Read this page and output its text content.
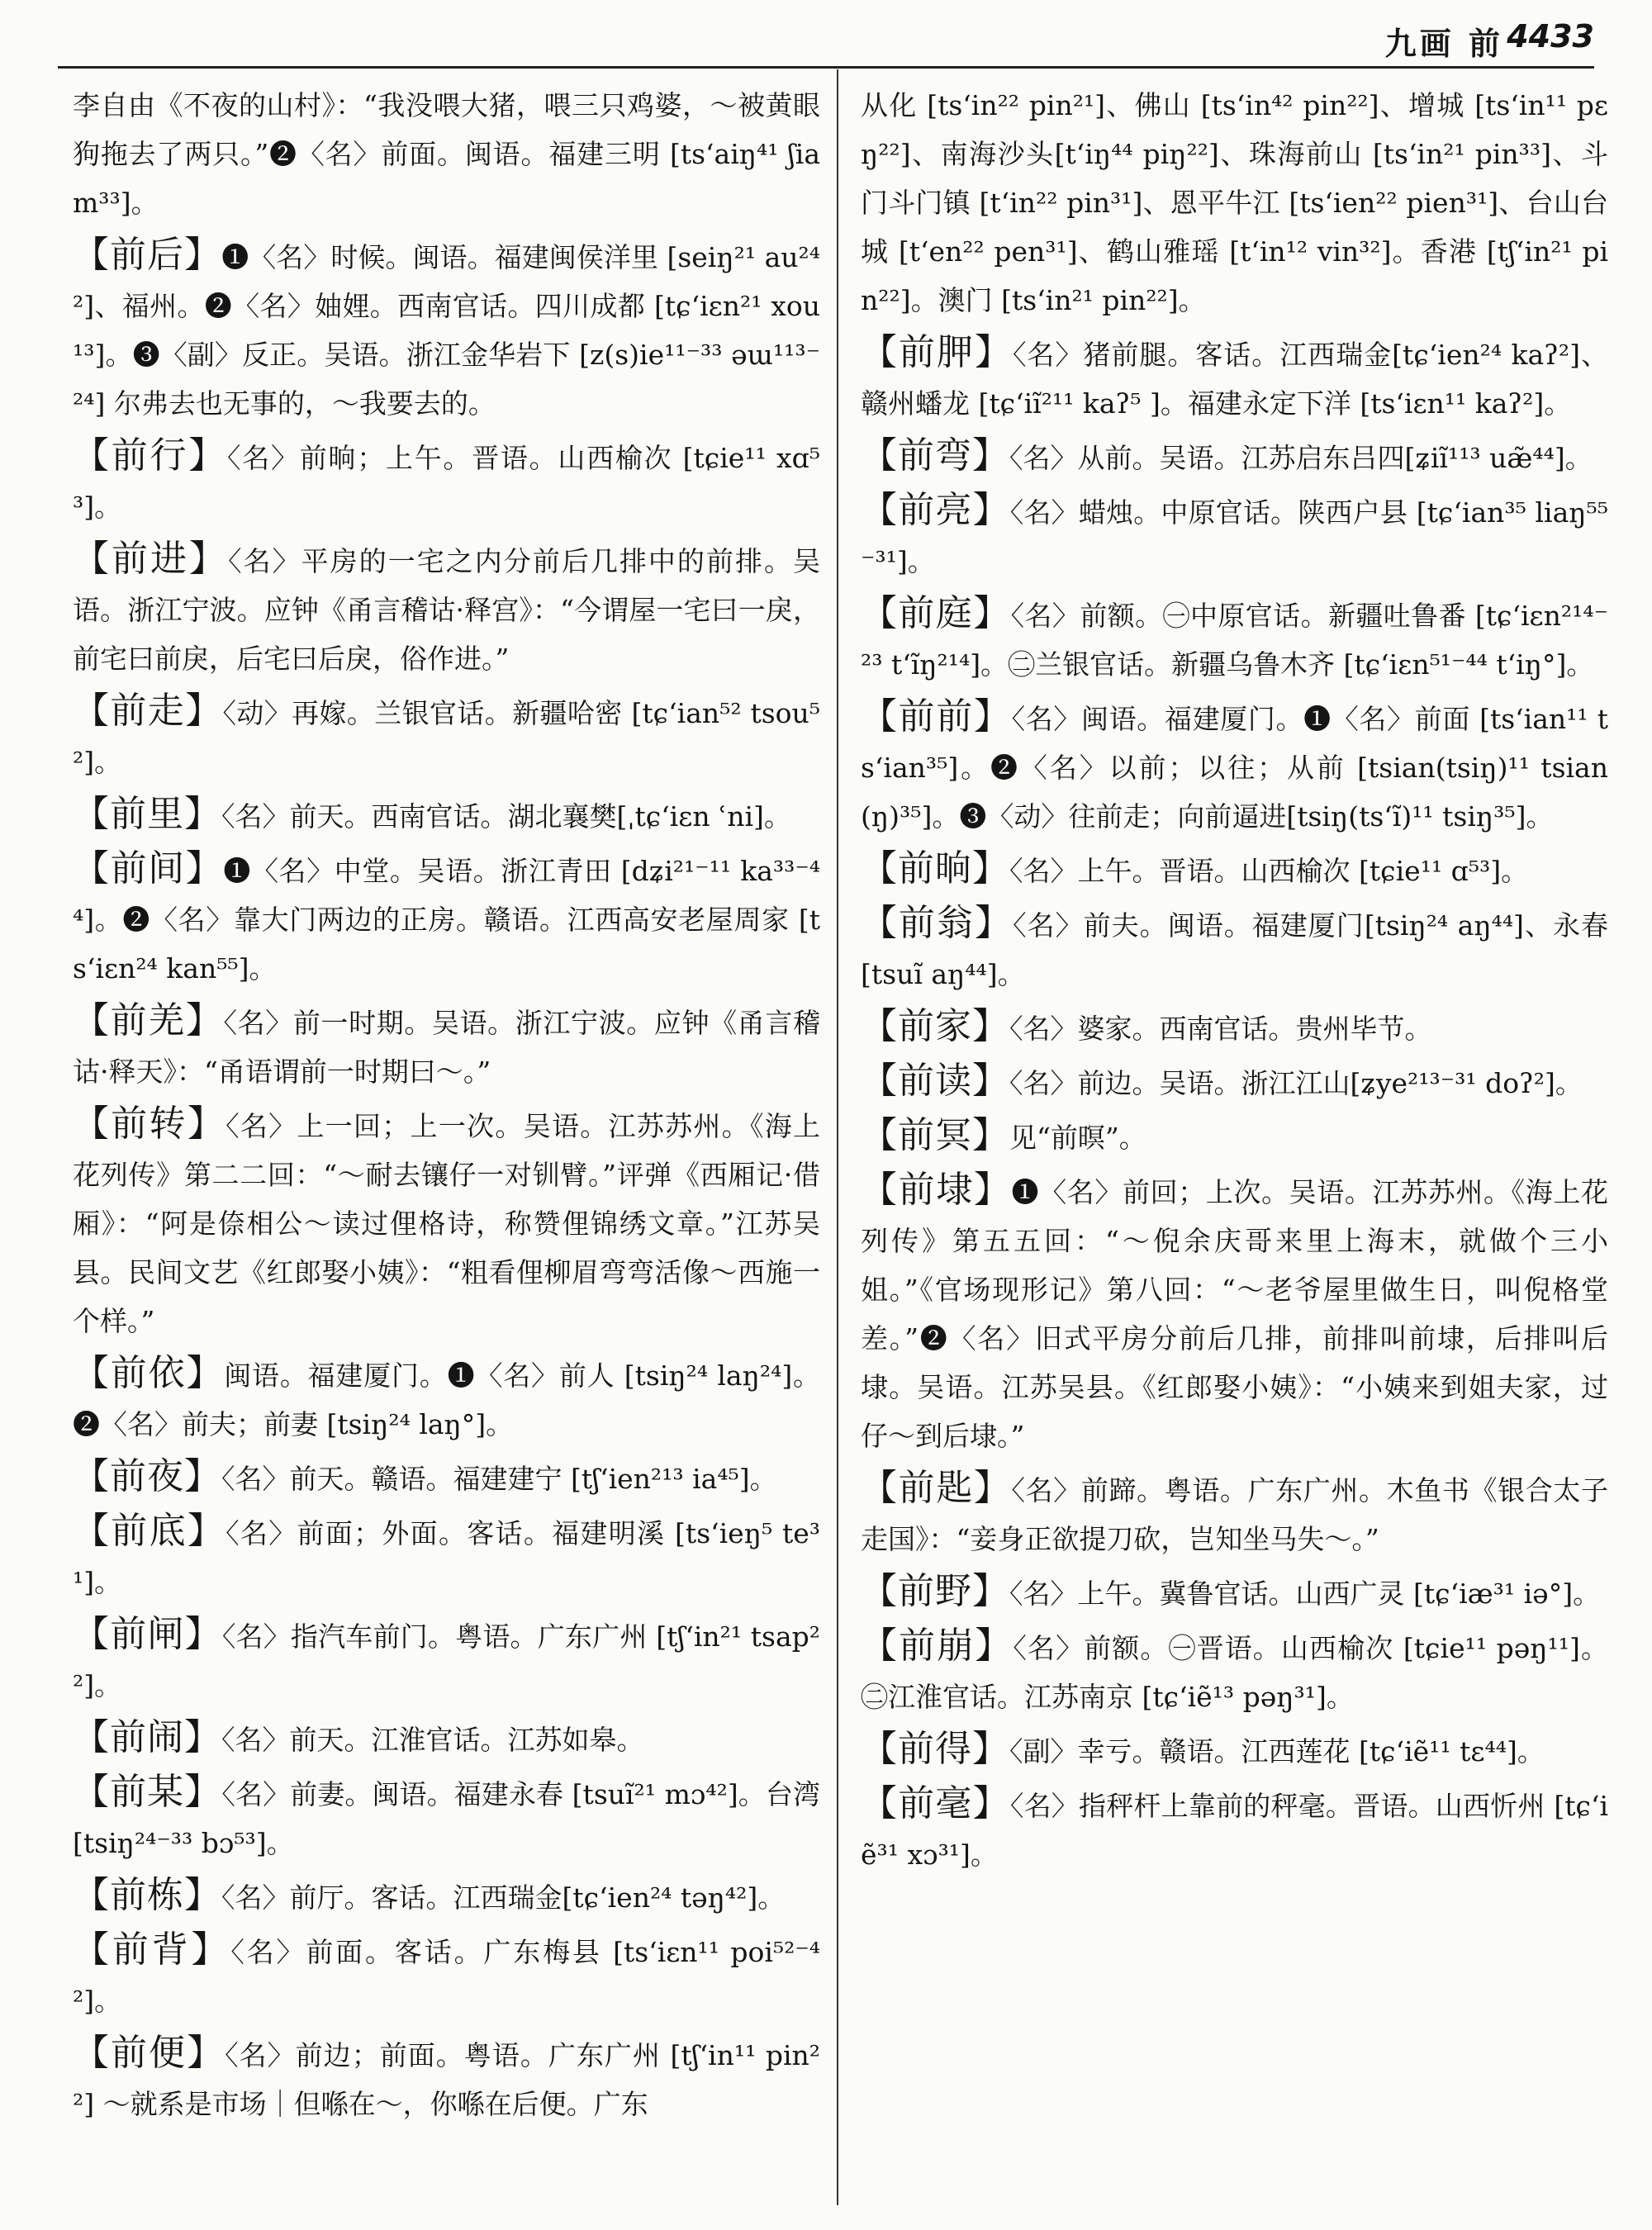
九画 前 4433

李自由《不夜的山村》：“我没喂大猪，喂三只鸡婆，～被黄眼狗拖去了两只。”❷〈名〉前面。闽语。福建三明 [ts‘aiŋ⁴¹ ʃiam³³]。

【前后】❶〈名〉时候。闽语。福建闽侯洋里 [seiŋ²¹ au²⁴²]、福州。❷〈名〉妯娌。西南官话。四川成都 [tɕ‘iɛn²¹ xou¹³]。❸〈副〉反正。吴语。浙江金华岩下 [z(s)ie¹¹⁻³³ əɯ¹¹³⁻²⁴] 尔弗去也无事的，～我要去的。

【前行】〈名〉前晌；上午。晋语。山西榆次 [tɕie¹¹ xɑ⁵³]。

【前进】〈名〉平房的一宅之内分前后几排中的前排。吴语。浙江宁波。应钟《甬言稽诂·释宫》：“今谓屋一宅曰一戾，前宅曰前戾，后宅曰后戾，俗作进。”

【前走】〈动〉再嫁。兰银官话。新疆哈密 [tɕ‘ian⁵² tsou⁵²]。

【前里】〈名〉前天。西南官话。湖北襄樊[ˌtɕ‘iɛn ʿni]。

【前间】❶〈名〉中堂。吴语。浙江青田 [dʑi²¹⁻¹¹ ka³³⁻⁴⁴]。❷〈名〉靠大门两边的正房。赣语。江西高安老屋周家 [ts‘iɛn²⁴ kan⁵⁵]。

【前羌】〈名〉前一时期。吴语。浙江宁波。应钟《甬言稽诂·释天》：“甬语谓前一时期曰～。”

【前转】〈名〉上一回；上一次。吴语。江苏苏州。《海上花列传》第二二回：“～耐去镶仔一对钏臂。”评弹《西厢记·借厢》：“阿是倷相公～读过俚格诗，称赞俚锦绣文章。”江苏吴县。民间文艺《红郎娶小姨》：“粗看俚柳眉弯弯活像～西施一个样。”

【前依】闽语。福建厦门。❶〈名〉前人 [tsiŋ²⁴ laŋ²⁴]。❷〈名〉前夫；前妻 [tsiŋ²⁴ laŋ°]。

【前夜】〈名〉前天。赣语。福建建宁 [tʃ‘ien²¹³ ia⁴⁵]。

【前底】〈名〉前面；外面。客话。福建明溪 [ts‘ieŋ⁵ te³¹]。

【前闸】〈名〉指汽车前门。粤语。广东广州 [tʃ‘in²¹ tsap²²]。

【前闹】〈名〉前天。江淮官话。江苏如皋。

【前某】〈名〉前妻。闽语。福建永春 [tsuĩ²¹ mɔ⁴²]。台湾 [tsiŋ²⁴⁻³³ bɔ⁵³]。

【前栋】〈名〉前厅。客话。江西瑞金[tɕ‘ien²⁴ təŋ⁴²]。

【前背】〈名〉前面。客话。广东梅县 [ts‘iɛn¹¹ poi⁵²⁻⁴²]。

【前便】〈名〉前边；前面。粤语。广东广州 [tʃ‘in¹¹ pin²²] ～就系是市场｜但喺在～，你喺在后便。广东

从化 [ts‘in²² pin²¹]、佛山 [ts‘in⁴² pin²²]、增城 [ts‘in¹¹ pɛŋ²²]、南海沙头[t‘iŋ⁴⁴ piŋ²²]、珠海前山 [ts‘in²¹ pin³³]、斗门斗门镇 [t‘in²² pin³¹]、恩平牛江 [ts‘ien²² pien³¹]、台山台城 [t‘en²² pen³¹]、鹤山雅瑶 [t‘in¹² vin³²]。香港 [tʃ‘in²¹ pin²²]。澳门 [ts‘in²¹ pin²²]。

【前胛】〈名〉猪前腿。客话。江西瑞金[tɕ‘ien²⁴ kaʔ²]、赣州蟠龙 [tɕ‘iĩ²¹¹ kaʔ⁵ ]。福建永定下洋 [ts‘iɛn¹¹ kaʔ²]。

【前弯】〈名〉从前。吴语。江苏启东吕四[ʑiĩ¹¹³ uæ̃⁴⁴]。

【前亮】〈名〉蜡烛。中原官话。陕西户县 [tɕ‘ian³⁵ liaŋ⁵⁵⁻³¹]。

【前庭】〈名〉前额。㊀中原官话。新疆吐鲁番 [tɕ‘iɛn²¹⁴⁻²³ t‘ĩŋ²¹⁴]。㊁兰银官话。新疆乌鲁木齐 [tɕ‘iɛn⁵¹⁻⁴⁴ t‘iŋ°]。

【前前】〈名〉闽语。福建厦门。❶〈名〉前面 [ts‘ian¹¹ ts‘ian³⁵]。❷〈名〉以前；以往；从前 [tsian(tsiŋ)¹¹ tsian(ŋ)³⁵]。❸〈动〉往前走；向前逼进[tsiŋ(ts‘ĩ)¹¹ tsiŋ³⁵]。

【前晌】〈名〉上午。晋语。山西榆次 [tɕie¹¹ ɑ⁵³]。

【前翁】〈名〉前夫。闽语。福建厦门[tsiŋ²⁴ aŋ⁴⁴]、永春 [tsuĩ aŋ⁴⁴]。

【前家】〈名〉婆家。西南官话。贵州毕节。

【前读】〈名〉前边。吴语。浙江江山[ʑye²¹³⁻³¹ doʔ²]。

【前冥】见“前暝”。

【前埭】❶〈名〉前回；上次。吴语。江苏苏州。《海上花列传》第五五回：“～倪余庆哥来里上海末，就做个三小姐。”《官场现形记》第八回：“～老爷屋里做生日，叫倪格堂差。”❷〈名〉旧式平房分前后几排，前排叫前埭，后排叫后埭。吴语。江苏吴县。《红郎娶小姨》：“小姨来到姐夫家，过仔～到后埭。”

【前匙】〈名〉前蹄。粤语。广东广州。木鱼书《银合太子走国》：“妾身正欲提刀砍，岂知坐马失～。”

【前野】〈名〉上午。冀鲁官话。山西广灵 [tɕ‘iæ³¹ iə°]。

【前崩】〈名〉前额。㊀晋语。山西榆次 [tɕie¹¹ pəŋ¹¹]。㊁江淮官话。江苏南京 [tɕ‘iẽ¹³ pəŋ³¹]。

【前得】〈副〉幸亏。赣语。江西莲花 [tɕ‘iẽ¹¹ tɛ⁴⁴]。

【前毫】〈名〉指秤杆上靠前的秤毫。晋语。山西忻州 [tɕ‘iẽ³¹ xɔ³¹]。
